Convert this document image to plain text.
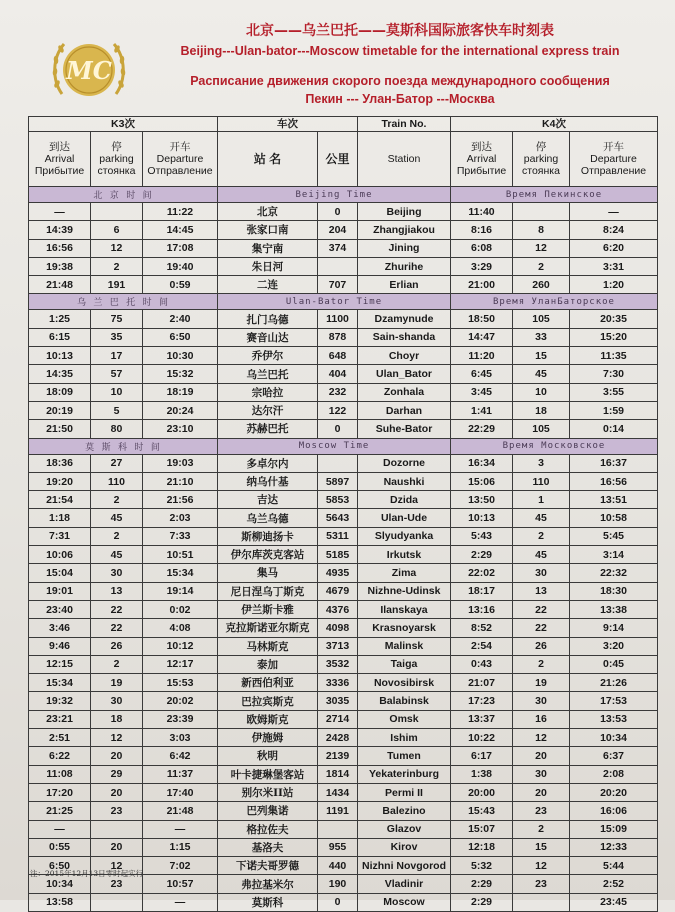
MC
北京——乌兰巴托——莫斯科国际旅客快车时刻表
Beijing---Ulan-bator---Moscow timetable for the international express train
Расписание движения скорого поезда международного сообщения
Пекин --- Улан-Батор ---Москва
K3次			车次		Train No.	K4次		
到达
Arrival
Прибытие	停
parking
стоянка	开车
Departure
Отправление	站 名	公里	Station	到达
Arrival
Прибытие	停
parking
стоянка	开车
Departure
Отправление
北 京 时 间			Beijing Time			Время Пекинское		
—		11:22	北京	0	Beijing	11:40		—
14:39	6	14:45	张家口南	204	Zhangjiakou	8:16	8	8:24
16:56	12	17:08	集宁南	374	Jining	6:08	12	6:20
19:38	2	19:40	朱日河		Zhurihe	3:29	2	3:31
21:48	191	0:59	二连	707	Erlian	21:00	260	1:20
乌 兰 巴 托 时 间			Ulan-Bator Time			Время УланБаторское		
1:25	75	2:40	扎门乌德	1100	Dzamynude	18:50	105	20:35
6:15	35	6:50	赛音山达	878	Sain-shanda	14:47	33	15:20
10:13	17	10:30	乔伊尔	648	Choyr	11:20	15	11:35
14:35	57	15:32	乌兰巴托	404	Ulan_Bator	6:45	45	7:30
18:09	10	18:19	宗哈拉	232	Zonhala	3:45	10	3:55
20:19	5	20:24	达尔汗	122	Darhan	1:41	18	1:59
21:50	80	23:10	苏赫巴托	0	Suhe-Bator	22:29	105	0:14
莫 斯 科 时 间			Moscow Time			Время Московское		
18:36	27	19:03	多卓尔内		Dozorne	16:34	3	16:37
19:20	110	21:10	纳乌什基	5897	Naushki	15:06	110	16:56
21:54	2	21:56	吉达	5853	Dzida	13:50	1	13:51
1:18	45	2:03	乌兰乌德	5643	Ulan-Ude	10:13	45	10:58
7:31	2	7:33	斯柳迪扬卡	5311	Slyudyanka	5:43	2	5:45
10:06	45	10:51	伊尔库茨克客站	5185	Irkutsk	2:29	45	3:14
15:04	30	15:34	集马	4935	Zima	22:02	30	22:32
19:01	13	19:14	尼日涅乌丁斯克	4679	Nizhne-Udinsk	18:17	13	18:30
23:40	22	0:02	伊兰斯卡雅	4376	Ilanskaya	13:16	22	13:38
3:46	22	4:08	克拉斯诺亚尔斯克	4098	Krasnoyarsk	8:52	22	9:14
9:46	26	10:12	马林斯克	3713	Malinsk	2:54	26	3:20
12:15	2	12:17	泰加	3532	Taiga	0:43	2	0:45
15:34	19	15:53	新西伯利亚	3336	Novosibirsk	21:07	19	21:26
19:32	30	20:02	巴拉宾斯克	3035	Balabinsk	17:23	30	17:53
23:21	18	23:39	欧姆斯克	2714	Omsk	13:37	16	13:53
2:51	12	3:03	伊施姆	2428	Ishim	10:22	12	10:34
6:22	20	6:42	秋明	2139	Tumen	6:17	20	6:37
11:08	29	11:37	叶卡捷琳堡客站	1814	Yekaterinburg	1:38	30	2:08
17:20	20	17:40	别尔米II站	1434	Permi II	20:00	20	20:20
21:25	23	21:48	巴列集诺	1191	Balezino	15:43	23	16:06
—		—	格拉佐夫		Glazov	15:07	2	15:09
0:55	20	1:15	基洛夫	955	Kirov	12:18	15	12:33
6:50	12	7:02	下诺夫哥罗德	440	Nizhni Novgorod	5:32	12	5:44
10:34	23	10:57	弗拉基米尔	190	Vladinir	2:29	23	2:52
13:58		—	莫斯科	0	Moscow	2:29		23:45
注：2015年12月13日零时起实行
